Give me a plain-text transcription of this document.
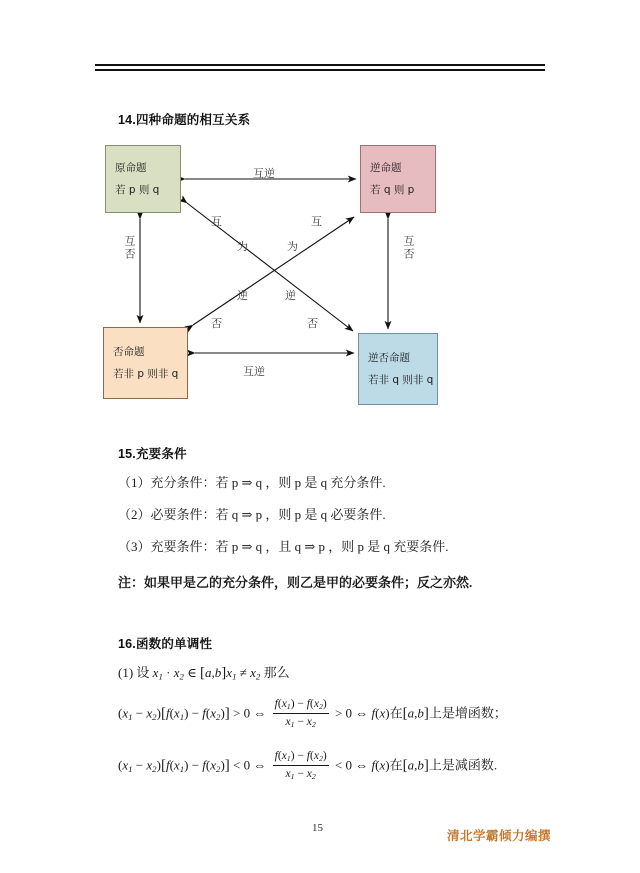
14.四种命题的相互关系
原命题
若 p 则 q
逆命题
若 q 则 p
否命题
若非 p 则非 q
逆否命题
若非 q 则非 q
互逆
互逆
互否	互否
互
为
逆
否
互
为
逆
否
15.充要条件
（1）充分条件：若 p ⇒ q ，则 p 是 q 充分条件.
（2）必要条件：若 q ⇒ p ，则 p 是 q 必要条件.
（3）充要条件：若 p ⇒ q ，且 q ⇒ p ，则 p 是 q 充要条件.
注：如果甲是乙的充分条件，则乙是甲的必要条件；反之亦然.
16.函数的单调性
(1) 设 $x_1 \cdot x_2$ ∈ $[a,b]x_1 \ne x_2$ 那么
$(x_1 - x_2)[f(x_1) - f(x_2)] > 0$ ⇔ $\frac{f(x_1) - f(x_2)}{x_1 - x_2} > 0$ ⇔ f(x)在[a,b]上是增函数；
$(x_1 - x_2)[f(x_1) - f(x_2)] < 0$ ⇔ $\frac{f(x_1) - f(x_2)}{x_1 - x_2} < 0$ ⇔ f(x)在[a,b]上是减函数.
15	清北学霸倾力编撰
